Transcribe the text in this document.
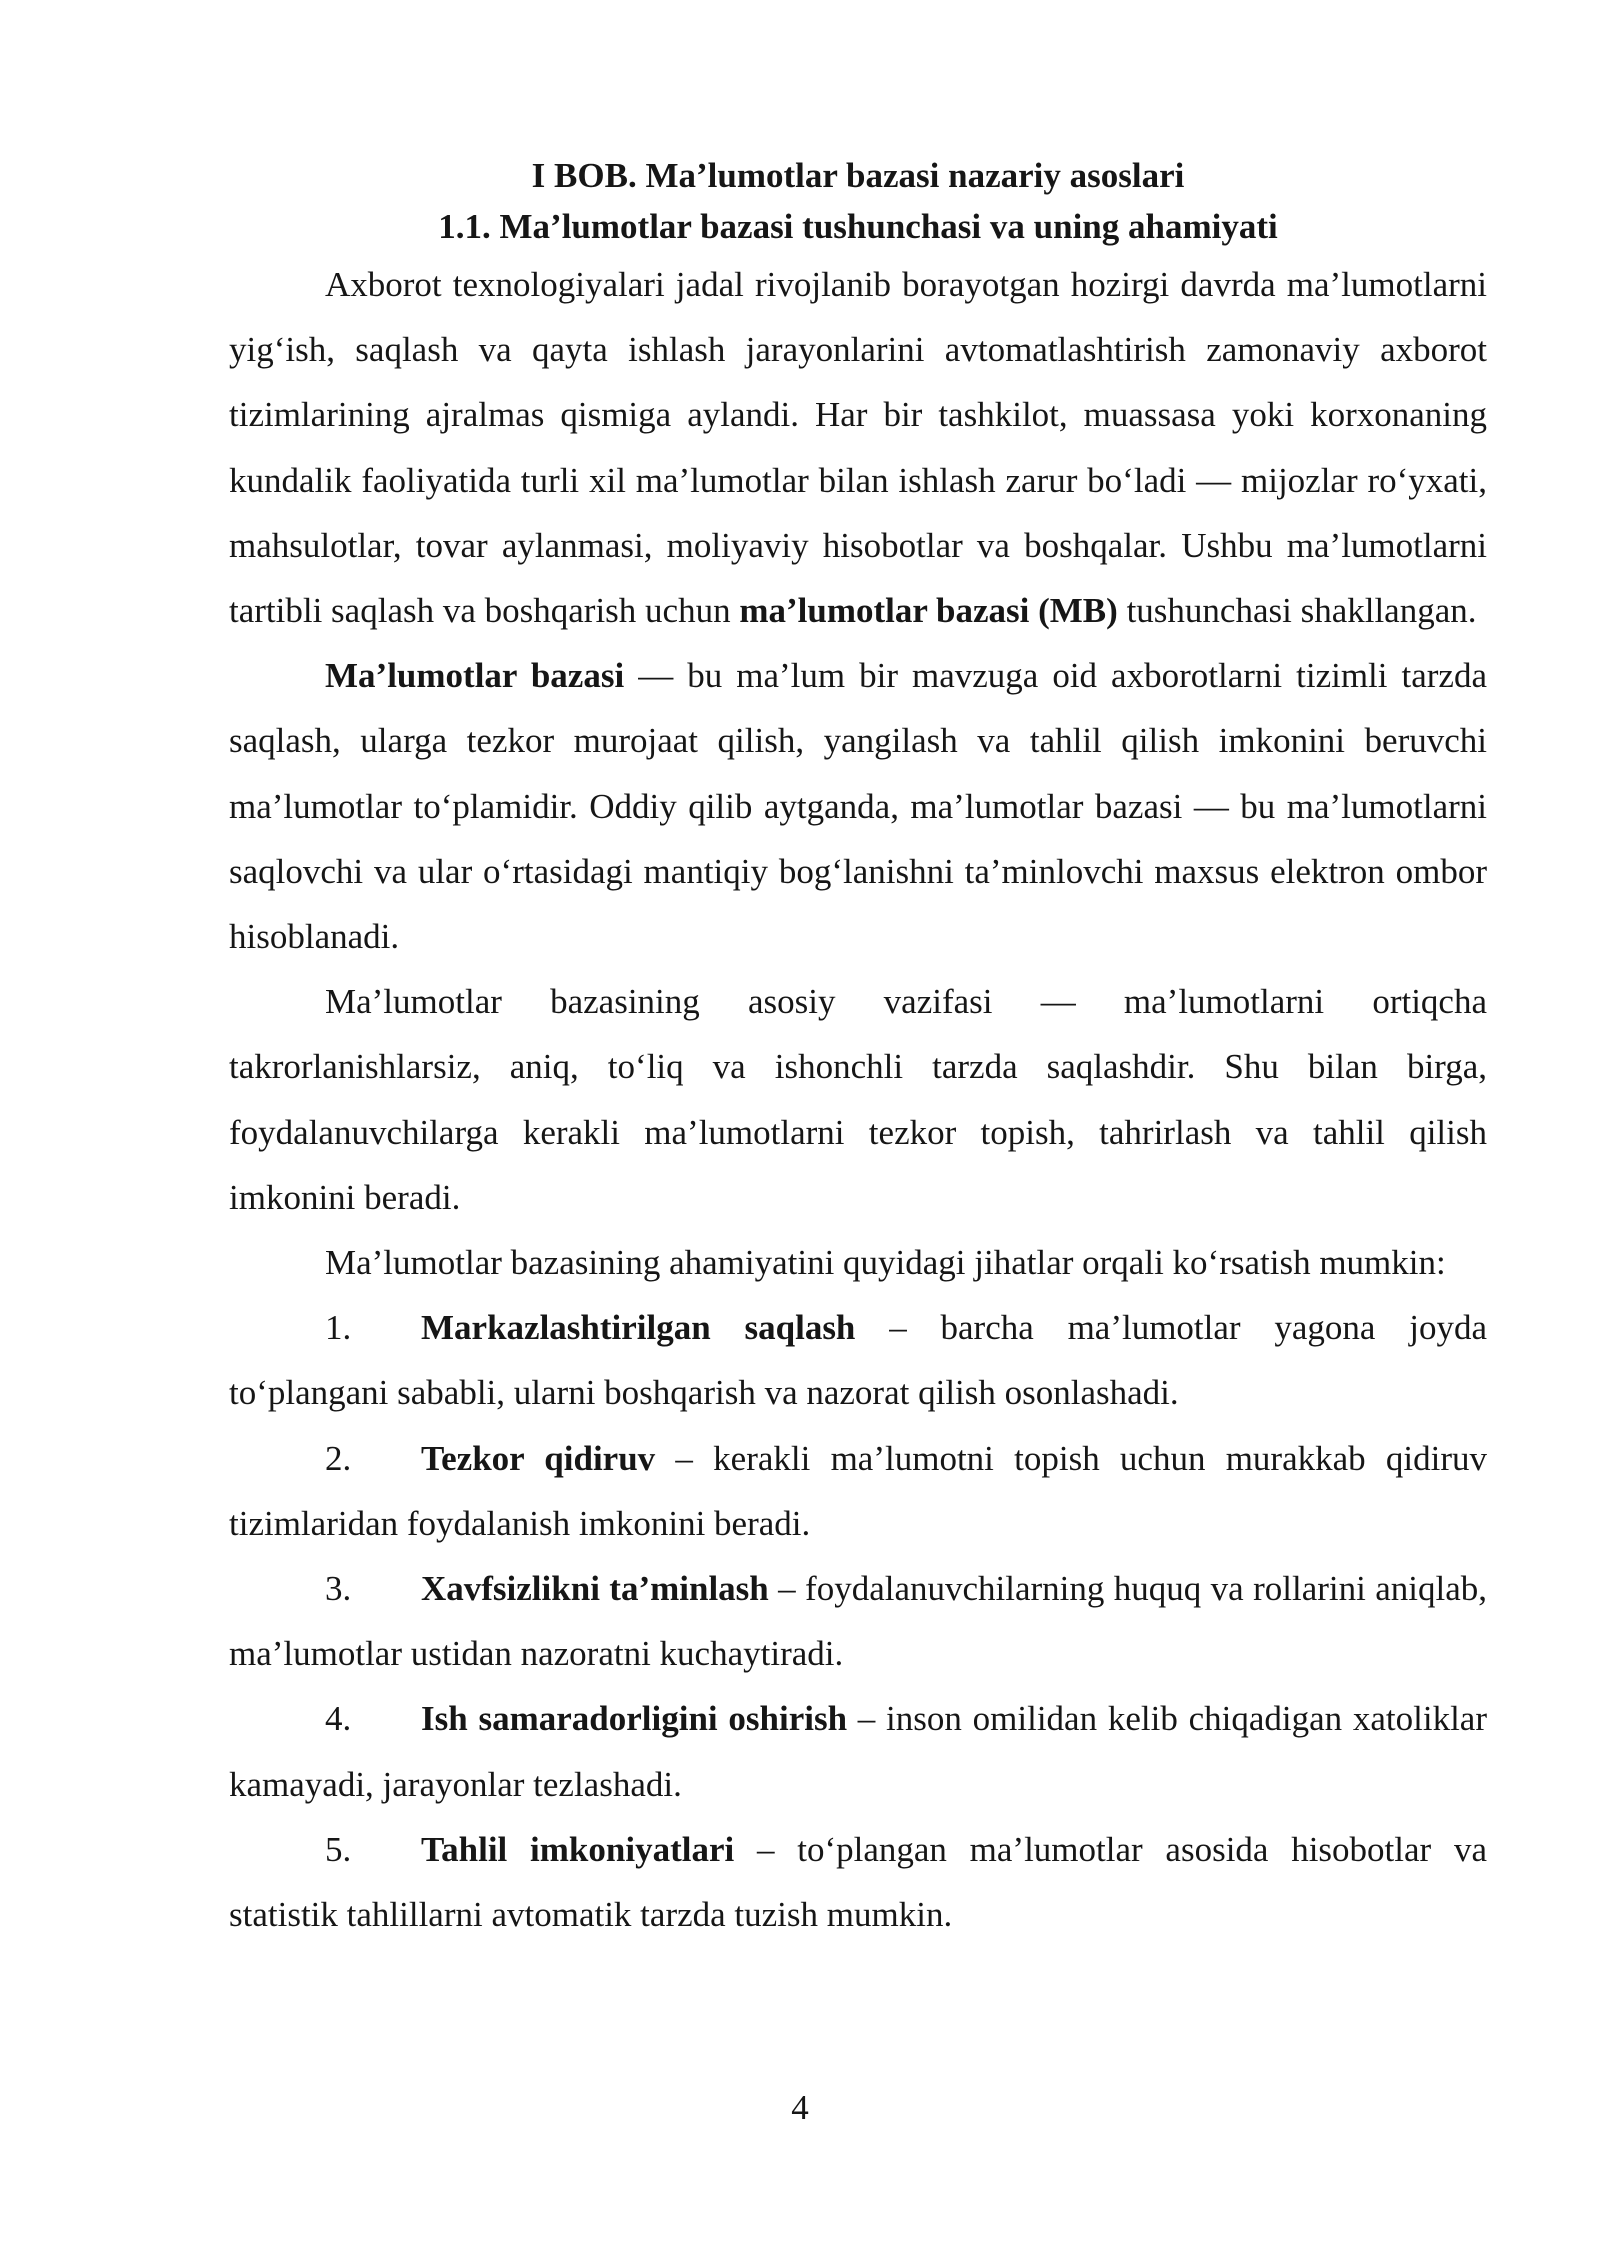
I BOB. Ma’lumotlar bazasi nazariy asoslari
1.1. Ma’lumotlar bazasi tushunchasi va uning ahamiyati

Axborot texnologiyalari jadal rivojlanib borayotgan hozirgi davrda ma’lumotlarni yig‘ish, saqlash va qayta ishlash jarayonlarini avtomatlashtirish zamonaviy axborot tizimlarining ajralmas qismiga aylandi. Har bir tashkilot, muassasa yoki korxonaning kundalik faoliyatida turli xil ma’lumotlar bilan ishlash zarur bo‘ladi — mijozlar ro‘yxati, mahsulotlar, tovar aylanmasi, moliyaviy hisobotlar va boshqalar. Ushbu ma’lumotlarni tartibli saqlash va boshqarish uchun ma’lumotlar bazasi (MB) tushunchasi shakllangan.

Ma’lumotlar bazasi — bu ma’lum bir mavzuga oid axborotlarni tizimli tarzda saqlash, ularga tezkor murojaat qilish, yangilash va tahlil qilish imkonini beruvchi ma’lumotlar to‘plamidir. Oddiy qilib aytganda, ma’lumotlar bazasi — bu ma’lumotlarni saqlovchi va ular o‘rtasidagi mantiqiy bog‘lanishni ta’minlovchi maxsus elektron ombor hisoblanadi.

Ma’lumotlar bazasining asosiy vazifasi — ma’lumotlarni ortiqcha takrorlanishlarsiz, aniq, to‘liq va ishonchli tarzda saqlashdir. Shu bilan birga, foydalanuvchilarga kerakli ma’lumotlarni tezkor topish, tahrirlash va tahlil qilish imkonini beradi.

Ma’lumotlar bazasining ahamiyatini quyidagi jihatlar orqali ko‘rsatish mumkin:

1. Markazlashtirilgan saqlash – barcha ma’lumotlar yagona joyda to‘plangani sababli, ularni boshqarish va nazorat qilish osonlashadi.

2. Tezkor qidiruv – kerakli ma’lumotni topish uchun murakkab qidiruv tizimlaridan foydalanish imkonini beradi.

3. Xavfsizlikni ta’minlash – foydalanuvchilarning huquq va rollarini aniqlab, ma’lumotlar ustidan nazoratni kuchaytiradi.

4. Ish samaradorligini oshirish – inson omilidan kelib chiqadigan xatoliklar kamayadi, jarayonlar tezlashadi.

5. Tahlil imkoniyatlari – to‘plangan ma’lumotlar asosida hisobotlar va statistik tahlillarni avtomatik tarzda tuzish mumkin.

4
